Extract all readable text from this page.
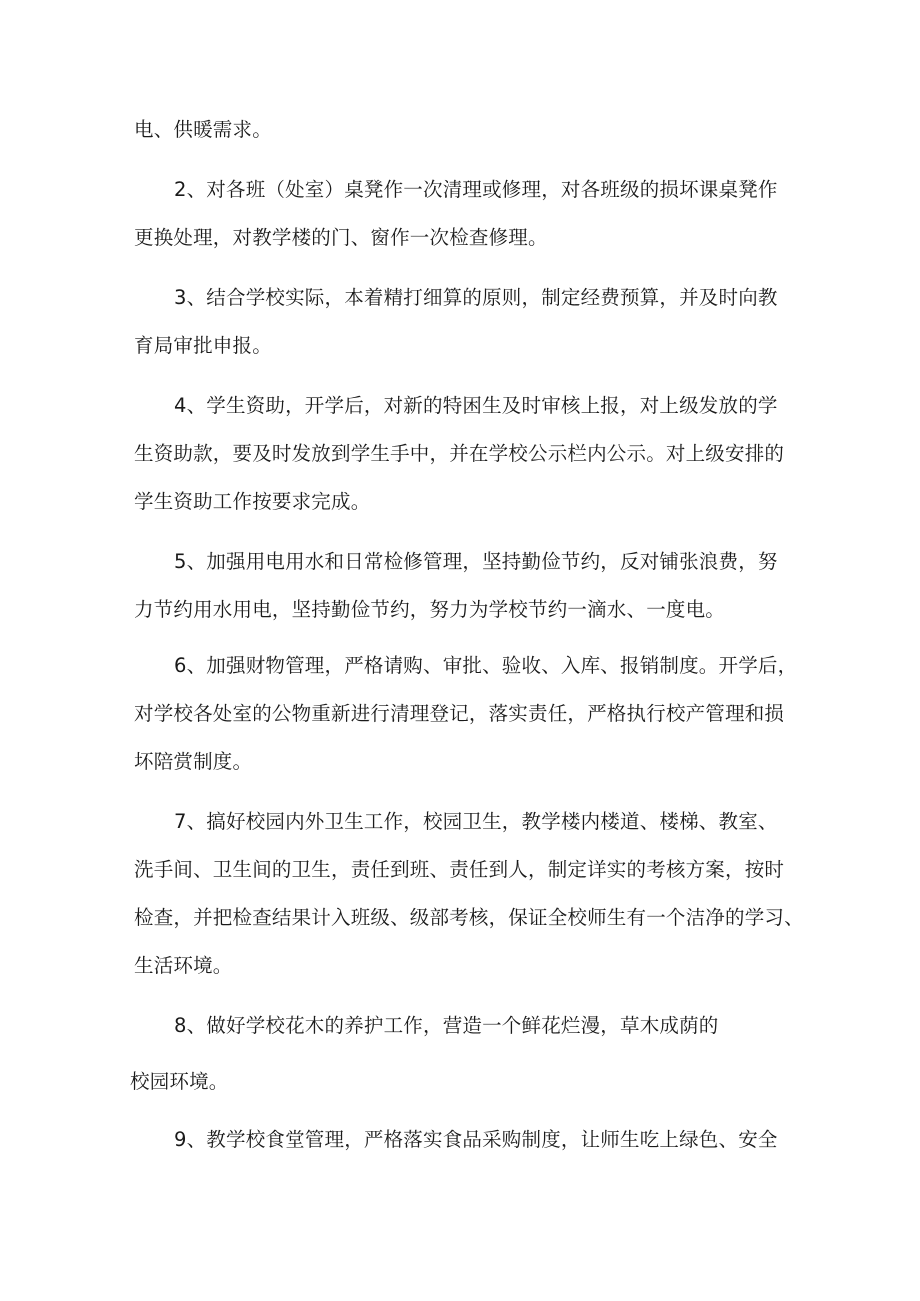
电、供暖需求。
2、对各班（处室）桌凳作一次清理或修理，对各班级的损坏课桌凳作
更换处理，对教学楼的门、窗作一次检查修理。
3、结合学校实际，本着精打细算的原则，制定经费预算，并及时向教
育局审批申报。
4、学生资助，开学后，对新的特困生及时审核上报，对上级发放的学
生资助款，要及时发放到学生手中，并在学校公示栏内公示。对上级安排的
学生资助工作按要求完成。
5、加强用电用水和日常检修管理，坚持勤俭节约，反对铺张浪费，努
力节约用水用电，坚持勤俭节约，努力为学校节约一滴水、一度电。
6、加强财物管理，严格请购、审批、验收、入库、报销制度。开学后，
对学校各处室的公物重新进行清理登记，落实责任，严格执行校产管理和损
坏陪赏制度。
7、搞好校园内外卫生工作，校园卫生，教学楼内楼道、楼梯、教室、
洗手间、卫生间的卫生，责任到班、责任到人，制定详实的考核方案，按时
检查，并把检查结果计入班级、级部考核，保证全校师生有一个洁净的学习、
生活环境。
8、做好学校花木的养护工作，营造一个鲜花烂漫，草木成荫的
校园环境。
9、教学校食堂管理，严格落实食品采购制度，让师生吃上绿色、安全
